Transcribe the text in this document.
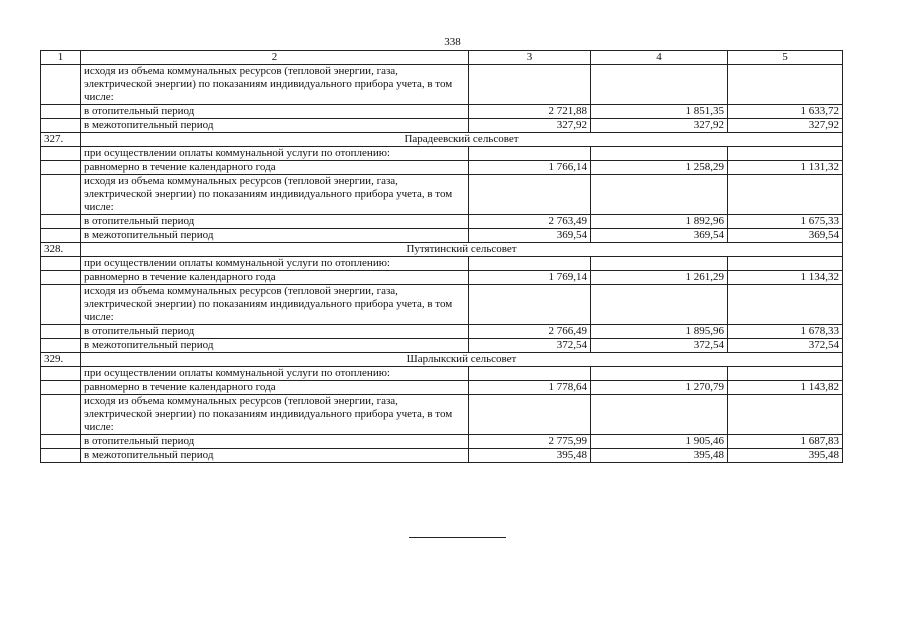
338
1	2	3	4	5
	исходя из объема коммунальных ресурсов (тепловой энергии, газа, электрической энергии) по показаниям индивидуального прибора учета, в том числе:			
	в отопительный период	2 721,88	1 851,35	1 633,72
	в межотопительный период	327,92	327,92	327,92
327.	Парадеевский сельсовет			
	при осуществлении оплаты коммунальной услуги по отоплению:			
	равномерно в течение календарного года	1 766,14	1 258,29	1 131,32
	исходя из объема коммунальных ресурсов (тепловой энергии, газа, электрической энергии) по показаниям индивидуального прибора учета, в том числе:			
	в отопительный период	2 763,49	1 892,96	1 675,33
	в межотопительный период	369,54	369,54	369,54
328.	Путятинский сельсовет			
	при осуществлении оплаты коммунальной услуги по отоплению:			
	равномерно в течение календарного года	1 769,14	1 261,29	1 134,32
	исходя из объема коммунальных ресурсов (тепловой энергии, газа, электрической энергии) по показаниям индивидуального прибора учета, в том числе:			
	в отопительный период	2 766,49	1 895,96	1 678,33
	в межотопительный период	372,54	372,54	372,54
329.	Шарлыкский сельсовет			
	при осуществлении оплаты коммунальной услуги по отоплению:			
	равномерно в течение календарного года	1 778,64	1 270,79	1 143,82
	исходя из объема коммунальных ресурсов (тепловой энергии, газа, электрической энергии) по показаниям индивидуального прибора учета, в том числе:			
	в отопительный период	2 775,99	1 905,46	1 687,83
	в межотопительный период	395,48	395,48	395,48
